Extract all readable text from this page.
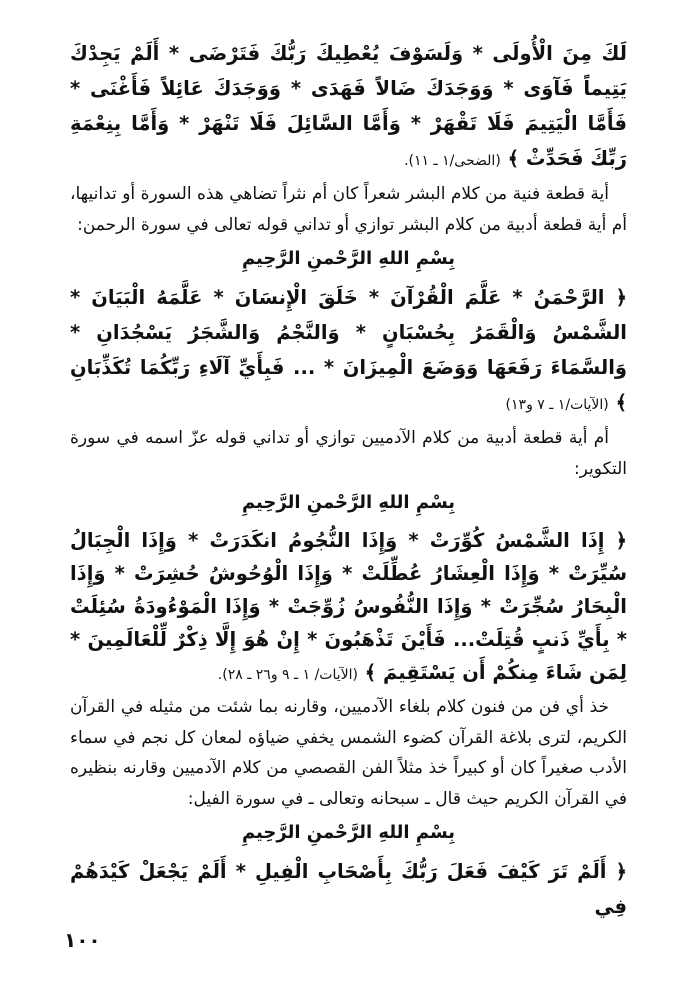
لَكَ مِنَ الْأُولَى * وَلَسَوْفَ يُعْطِيكَ رَبُّكَ فَتَرْضَى * أَلَمْ يَجِدْكَ يَتِيماً فَآوَى * وَوَجَدَكَ ضَالاً فَهَدَى * وَوَجَدَكَ عَائِلاً فَأَغْنَى * فَأَمَّا الْيَتِيمَ فَلَا تَقْهَرْ * وَأَمَّا السَّائِلَ فَلَا تَنْهَرْ * وَأَمَّا بِنِعْمَةِ رَبِّكَ فَحَدِّثْ ﴾ (الضحى/١ ـ ١١).

أية قطعة فنية من كلام البشر شعراً كان أم نثراً تضاهي هذه السورة أو تدانيها، أم أية قطعة أدبية من كلام البشر توازي أو تداني قوله تعالى في سورة الرحمن:

بِسْمِ اللهِ الرَّحْمنِ الرَّحِيمِ

﴿ الرَّحْمَنُ * عَلَّمَ الْقُرْآنَ * خَلَقَ الْإِنسَانَ * عَلَّمَهُ الْبَيَانَ * الشَّمْسُ وَالْقَمَرُ بِحُسْبَانٍ * وَالنَّجْمُ وَالشَّجَرُ يَسْجُدَانِ * وَالسَّمَاءَ رَفَعَهَا وَوَضَعَ الْمِيزَانَ * ... فَبِأَيِّ آلَاءِ رَبِّكُمَا تُكَذِّبَانِ ﴾ (الآيات/١ ـ ٧ و١٣)

أم أية قطعة أدبية من كلام الآدميين توازي أو تداني قوله عزّ اسمه في سورة التكوير:

بِسْمِ اللهِ الرَّحْمنِ الرَّحِيمِ

﴿ إِذَا الشَّمْسُ كُوِّرَتْ * وَإِذَا النُّجُومُ انكَدَرَتْ * وَإِذَا الْجِبَالُ سُيِّرَتْ * وَإِذَا الْعِشَارُ عُطِّلَتْ * وَإِذَا الْوُحُوشُ حُشِرَتْ * وَإِذَا الْبِحَارُ سُجِّرَتْ * وَإِذَا النُّفُوسُ زُوِّجَتْ * وَإِذَا الْمَوْءُودَةُ سُئِلَتْ * بِأَيِّ ذَنبٍ قُتِلَتْ... فَأَيْنَ تَذْهَبُونَ * إِنْ هُوَ إِلَّا ذِكْرٌ لِّلْعَالَمِينَ * لِمَن شَاءَ مِنكُمْ أَن يَسْتَقِيمَ ﴾ (الآيات/ ١ ـ ٩ و٢٦ ـ ٢٨).

خذ أي فن من فنون كلام بلغاء الآدميين، وقارنه بما شئت من مثيله في القرآن الكريم، لترى بلاغة القرآن كضوء الشمس يخفي ضياؤه لمعان كل نجم في سماء الأدب صغيراً كان أو كبيراً خذ مثلاً الفن القصصي من كلام الآدميين وقارنه بنظيره في القرآن الكريم حيث قال ـ سبحانه وتعالى ـ في سورة الفيل:

بِسْمِ اللهِ الرَّحْمنِ الرَّحِيمِ

﴿ أَلَمْ تَرَ كَيْفَ فَعَلَ رَبُّكَ بِأَصْحَابِ الْفِيلِ * أَلَمْ يَجْعَلْ كَيْدَهُمْ فِي

١٠٠
